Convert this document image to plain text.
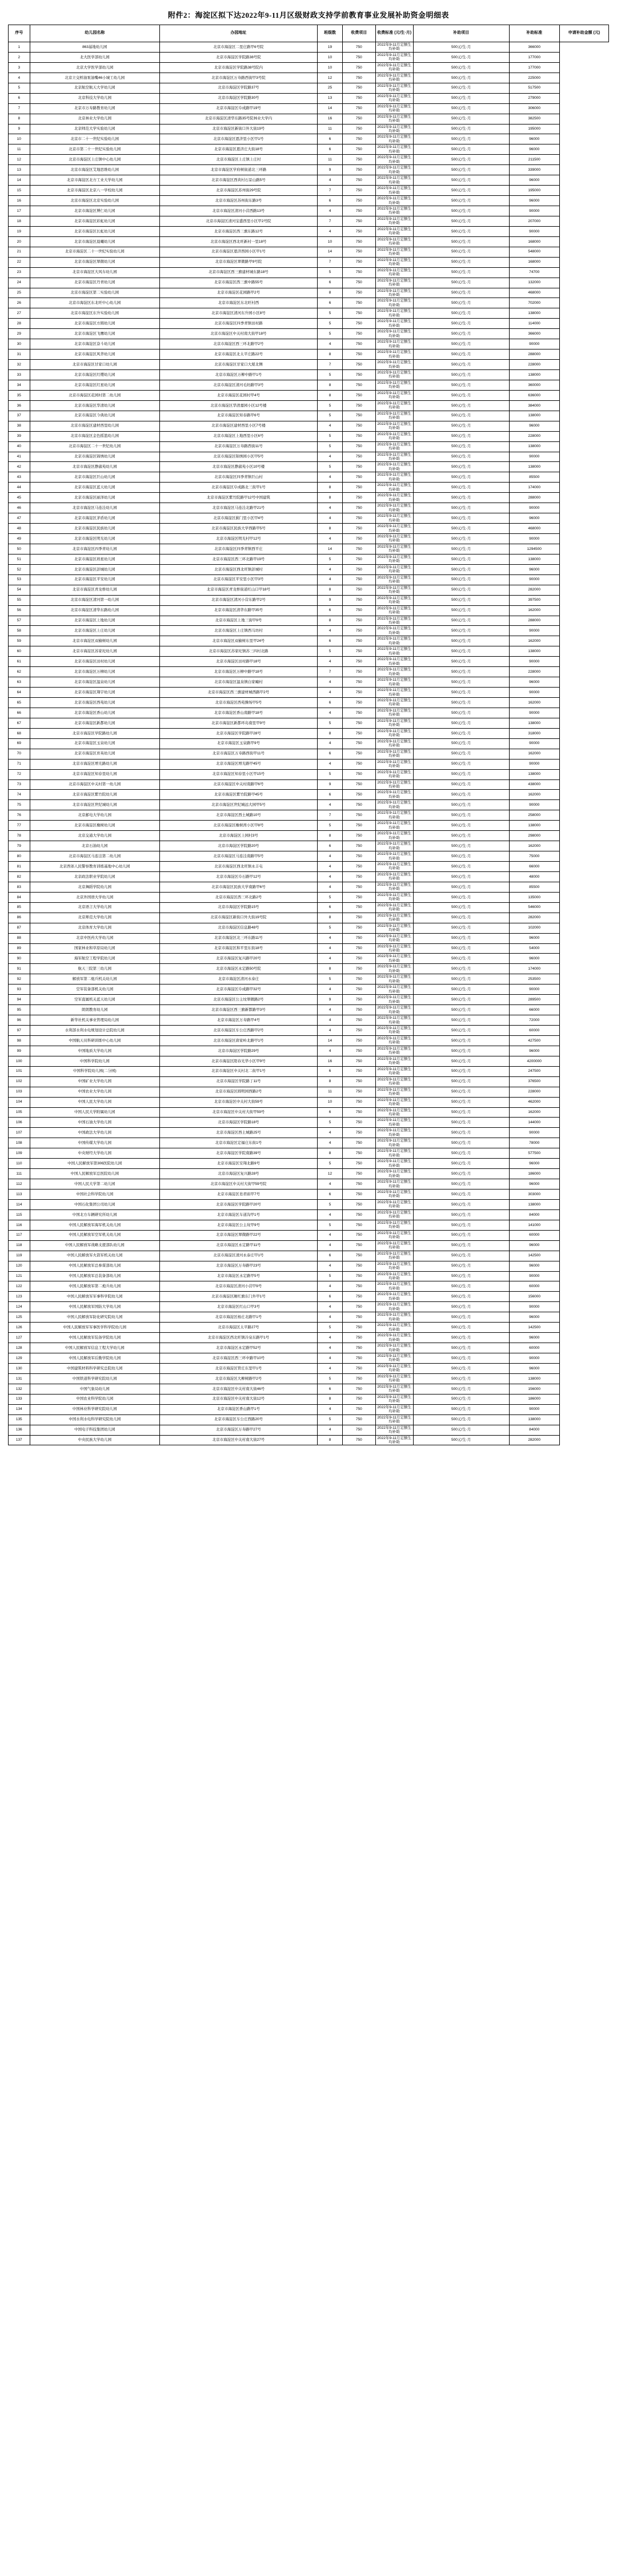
附件2：海淀区拟下达2022年9-11月区级财政支持学前教育事业发展补助资金明细表
序号	幼儿园名称	办园地址	班级数	收费项目	收费标准 (元/生·月)	补助项目	补助标准	申请补助金额 (元)
1	863基地幼儿园	北京市海淀区二里庄路甲6号院	19	750	2022年9-11月定额生均补助	500元/生·月	366000	
2	北大医学部幼儿园	北京市海淀区学院路38号院	10	750	2022年9-11月定额生均补助	500元/生·月	177000	
3	北京大学医学部幼儿园	北京市海淀区学院路38号院内	10	750	2022年9-11月定额生均补助	500元/生·月	177000	
4	北京立交桥油泵油嘴46小城工幼儿园	北京市海淀区万寿路西街甲3号院	12	750	2022年9-11月定额生均补助	500元/生·月	225000	
5	北京航空航天大学幼儿园	北京市海淀区学院路37号	25	750	2022年9-11月定额生均补助	500元/生·月	517500	
6	北京科技大学幼儿园	北京市海淀区学院路30号	13	750	2022年9-11月定额生均补助	500元/生·月	279000	
7	北京市万寿路教育幼儿园	北京市海淀区阜成路甲19号	14	750	2022年9-11月定额生均补助	500元/生·月	306000	
8	北京林业大学幼儿园	北京市海淀区清华东路35号院林业大学内	16	750	2022年9-11月定额生均补助	500元/生·月	382500	
9	北京师范大学实验幼儿园	北京市海淀区新街口外大街19号	11	750	2022年9-11月定额生均补助	500元/生·月	195000	
10	北京市二十一世纪实验幼儿园	北京市海淀区恩济里小区甲1号	6	750	2022年9-11月定额生均补助	500元/生·月	96000	
11	北京市第二十一世纪实验幼儿园	北京市海淀区恩济庄大街18号	6	750	2022年9-11月定额生均补助	500元/生·月	96000	
12	北京市海淀区上庄镇中心幼儿园	北京市海淀区上庄镇上庄村	11	750	2022年9-11月定额生均补助	500元/生·月	211500	
13	北京市海淀区艾地思维幼儿园	北京市海淀区学府树街道北三环路	9	750	2022年9-11月定额生均补助	500元/生·月	339000	
14	北京市海淀区北方工业大学幼儿园	北京市海淀区西黄村石景山路5号	4	750	2022年9-11月定额生均补助	500元/生·月	96000	
15	北京市海淀区北京八一学校幼儿园	北京市海淀区苏州街29号院	7	750	2022年9-11月定额生均补助	500元/生·月	195000	
16	北京市海淀区北京实验幼儿园	北京市海淀区苏州街东路3号	6	750	2022年9-11月定额生均补助	500元/生·月	96000	
17	北京市海淀区博仁幼儿园	北京市海淀区清河小营西路13号	4	750	2022年9-11月定额生均补助	500元/生·月	90000	
18	北京市海淀区彩虹幼儿园	北京市海淀区清河宝盛西里小区甲2号院	7	750	2022年9-11月定额生均补助	500元/生·月	207000	
19	北京市海淀区长虹幼儿园	北京市海淀区西三旗东路12号	4	750	2022年9-11月定额生均补助	500元/生·月	90000	
20	北京市海淀区晨曦幼儿园	北京市海淀区西北旺新村一里18号	10	750	2022年9-11月定额生均补助	500元/生·月	168000	
21	北京市海淀区二十一世纪实验幼儿园	北京市海淀区恩济西园小区甲1号	14	750	2022年9-11月定额生均补助	500元/生·月	548000	
22	北京市海淀区翠微幼儿园	北京市海淀区翠微路甲9号院	7	750	2022年9-11月定额生均补助	500元/生·月	168000	
23	北京市海淀区大风车幼儿园	北京市海淀区西三旗建材城东路18号	5	750	2022年9-11月定额生均补助	500元/生·月	74700	
24	北京市海淀区丹青幼儿园	北京市海淀区西三旗中路55号	6	750	2022年9-11月定额生均补助	500元/生·月	132000	
25	北京市海淀区第二实验幼儿园	北京市海淀区花园路甲2号	8	750	2022年9-11月定额生均补助	500元/生·月	468000	
26	北京市海淀区东北旺中心幼儿园	北京市海淀区东北旺村西	6	750	2022年9-11月定额生均补助	500元/生·月	702000	
27	北京市海淀区东升实验幼儿园	北京市海淀区清河东升园小区8号	5	750	2022年9-11月定额生均补助	500元/生·月	138000	
28	北京市海淀区方圆幼儿园	北京市海淀区四季青镇田村路	5	750	2022年9-11月定额生均补助	500元/生·月	114000	
29	北京市海淀区飞鹰幼儿园	北京市海淀区中关村南大街甲18号	5	750	2022年9-11月定额生均补助	500元/生·月	366000	
30	北京市海淀区奋斗幼儿园	北京市海淀区西三环北路甲2号	4	750	2022年9-11月定额生均补助	500元/生·月	90000	
31	北京市海淀区风华幼儿园	北京市海淀区北太平庄路22号	8	750	2022年9-11月定额生均补助	500元/生·月	288000	
32	北京市海淀区甘家口幼儿园	北京市海淀区甘家口大厦北侧	7	750	2022年9-11月定额生均补助	500元/生·月	228000	
33	北京市海淀区红缨幼儿园	北京市海淀区万柳中路甲1号	5	750	2022年9-11月定额生均补助	500元/生·月	138000	
34	北京市海淀区红星幼儿园	北京市海淀区清河毛纺路甲3号	8	750	2022年9-11月定额生均补助	500元/生·月	360000	
35	北京市海淀区花园村第二幼儿园	北京市海淀区花园村甲4号	8	750	2022年9-11月定额生均补助	500元/生·月	636000	
36	北京市海淀区华清幼儿园	北京市海淀区华清嘉园小区12号楼	5	750	2022年9-11月定额生均补助	500元/生·月	384000	
37	北京市海淀区今典幼儿园	北京市海淀区知春路甲6号	5	750	2022年9-11月定额生均补助	500元/生·月	138000	
38	北京市海淀区建材西里幼儿园	北京市海淀区建材西里小区7号楼	4	750	2022年9-11月定额生均补助	500元/生·月	96000	
39	北京市海淀区金色摇篮幼儿园	北京市海淀区上地西里小区6号	5	750	2022年9-11月定额生均补助	500元/生·月	228000	
40	北京市海淀区二十一世纪幼儿园	北京市海淀区万寿路西街11号	5	750	2022年9-11月定额生均补助	500元/生·月	138000	
41	北京市海淀区锦绣幼儿园	北京市海淀区锦绣园小区甲5号	4	750	2022年9-11月定额生均补助	500元/生·月	90000	
42	北京市海淀区静淑苑幼儿园	北京市海淀区静淑苑小区10号楼	5	750	2022年9-11月定额生均补助	500元/生·月	138000	
43	北京市海淀区巨山幼儿园	北京市海淀区四季青镇巨山村	4	750	2022年9-11月定额生均补助	500元/生·月	85500	
44	北京市海淀区蓝天幼儿园	北京市海淀区阜成路北三街甲1号	8	750	2022年9-11月定额生均补助	500元/生·月	174000	
45	北京市海淀区丽泽幼儿园	北京市海淀区紫竹院路甲12号中国建筑	8	750	2022年9-11月定额生均补助	500元/生·月	288000	
46	北京市海淀区马连洼幼儿园	北京市海淀区马连洼北路甲21号	4	750	2022年9-11月定额生均补助	500元/生·月	90000	
47	北京市海淀区茅盾幼儿园	北京市海淀区蓟门里小区甲4号	4	750	2022年9-11月定额生均补助	500元/生·月	96000	
48	北京市海淀区民族幼儿园	北京市海淀区民族大学西路甲5号	8	750	2022年9-11月定额生均补助	500元/生·月	468000	
49	北京市海淀区明光幼儿园	北京市海淀区明光村甲12号	4	750	2022年9-11月定额生均补助	500元/生·月	90000	
50	北京市海淀区四季青幼儿园	北京市海淀区四季青镇西平庄	14	750	2022年9-11月定额生均补助	500元/生·月	1294500	
51	北京市海淀区培星幼儿园	北京市海淀区西三环北路甲19号	5	750	2022年9-11月定额生均补助	500元/生·月	138000	
52	北京市海淀区彭城幼儿园	北京市海淀区西北旺镇彭城村	4	750	2022年9-11月定额生均补助	500元/生·月	96000	
53	北京市海淀区平安幼儿园	北京市海淀区平安里小区甲3号	4	750	2022年9-11月定额生均补助	500元/生·月	90000	
54	北京市海淀区青龙桥幼儿园	北京市海淀区青龙桥街道红山口甲18号	8	750	2022年9-11月定额生均补助	500元/生·月	282000	
55	北京市海淀区清河第一幼儿园	北京市海淀区清河小营东路甲2号	9	750	2022年9-11月定额生均补助	500元/生·月	397500	
56	北京市海淀区清华东路幼儿园	北京市海淀区清华东路甲35号	6	750	2022年9-11月定额生均补助	500元/生·月	162000	
57	北京市海淀区上地幼儿园	北京市海淀区上地三街甲9号	8	750	2022年9-11月定额生均补助	500元/生·月	288000	
58	北京市海淀区上庄幼儿园	北京市海淀区上庄镇西马坊村	4	750	2022年9-11月定额生均补助	500元/生·月	90000	
59	北京市海淀区双榆树幼儿园	北京市海淀区双榆树东里甲24号	6	750	2022年9-11月定额生均补助	500元/生·月	162000	
60	北京市海淀区苏家坨幼儿园	北京市海淀区苏家坨镇苏三四村北路	5	750	2022年9-11月定额生均补助	500元/生·月	138000	
61	北京市海淀区田村幼儿园	北京市海淀区田村路甲18号	4	750	2022年9-11月定额生均补助	500元/生·月	90000	
62	北京市海淀区万柳幼儿园	北京市海淀区万柳中路甲18号	7	750	2022年9-11月定额生均补助	500元/生·月	228000	
63	北京市海淀区温泉幼儿园	北京市海淀区温泉镇白家疃村	4	750	2022年9-11月定额生均补助	500元/生·月	96000	
64	北京市海淀区翔宇幼儿园	北京市海淀区西三旗建材城西路甲2号	4	750	2022年9-11月定额生均补助	500元/生·月	90000	
65	北京市海淀区西苑幼儿园	北京市海淀区西苑操场甲5号	6	750	2022年9-11月定额生均补助	500元/生·月	162000	
66	北京市海淀区香山幼儿园	北京市海淀区香山南路甲18号	4	750	2022年9-11月定额生均补助	500元/生·月	90000	
67	北京市海淀区新都幼儿园	北京市海淀区新都环岛南里甲9号	5	750	2022年9-11月定额生均补助	500元/生·月	138000	
68	北京市海淀区学院路幼儿园	北京市海淀区学院路甲28号	8	750	2022年9-11月定额生均补助	500元/生·月	318000	
69	北京市海淀区玉泉幼儿园	北京市海淀区玉泉路甲9号	4	750	2022年9-11月定额生均补助	500元/生·月	90000	
70	北京市海淀区育英幼儿园	北京市海淀区万寿路西街甲11号	6	750	2022年9-11月定额生均补助	500元/生·月	162000	
71	北京市海淀区增光路幼儿园	北京市海淀区增光路甲45号	4	750	2022年9-11月定额生均补助	500元/生·月	90000	
72	北京市海淀区知春里幼儿园	北京市海淀区知春里小区甲15号	5	750	2022年9-11月定额生均补助	500元/生·月	138000	
73	北京市海淀区中关村第一幼儿园	北京市海淀区中关村南路甲6号	9	750	2022年9-11月定额生均补助	500元/生·月	438000	
74	北京市海淀区紫竹院幼儿园	北京市海淀区紫竹院路甲45号	6	750	2022年9-11月定额生均补助	500元/生·月	162000	
75	北京市海淀区世纪城幼儿园	北京市海淀区世纪城远大园甲5号	4	750	2022年9-11月定额生均补助	500元/生·月	90000	
76	北京邮电大学幼儿园	北京市海淀区西土城路10号	7	750	2022年9-11月定额生均补助	500元/生·月	258000	
77	北京市海淀区橡树幼儿园	北京市海淀区橡树湾小区甲8号	5	750	2022年9-11月定额生均补助	500元/生·月	138000	
78	北京交通大学幼儿园	北京市海淀区上园村3号	8	750	2022年9-11月定额生均补助	500元/生·月	298000	
79	北京石油幼儿园	北京市海淀区学院路20号	6	750	2022年9-11月定额生均补助	500元/生·月	162000	
80	北京市海淀区马连洼第二幼儿园	北京市海淀区马连洼南路甲5号	4	750	2022年9-11月定额生均补助	500元/生·月	75000	
81	北京西郊人民警察教育训练基地中心幼儿园	北京市海淀区西北旺镇永丰屯	4	750	2022年9-11月定额生均补助	500元/生·月	66000	
82	北京政法职业学院幼儿园	北京市海淀区阜石路甲12号	4	750	2022年9-11月定额生均补助	500元/生·月	48000	
83	北京舞蹈学院幼儿园	北京市海淀区民族大学南路甲6号	4	750	2022年9-11月定额生均补助	500元/生·月	85500	
84	北京外国语大学幼儿园	北京市海淀区西三环北路2号	5	750	2022年9-11月定额生均补助	500元/生·月	135000	
85	北京语言大学幼儿园	北京市海淀区学院路15号	6	750	2022年9-11月定额生均补助	500元/生·月	546000	
86	北京师范大学幼儿园	北京市海淀区新街口外大街19号院	8	750	2022年9-11月定额生均补助	500元/生·月	282000	
87	北京体育大学幼儿园	北京市海淀区信息路48号	5	750	2022年9-11月定额生均补助	500元/生·月	102000	
88	北京中医药大学幼儿园	北京市海淀区北三环东路11号	4	750	2022年9-11月定额生均补助	500元/生·月	96000	
89	国家林业和草原局幼儿园	北京市海淀区和平里东街18号	4	750	2022年9-11月定额生均补助	500元/生·月	54000	
90	海军航空工程学院幼儿园	北京市海淀区复兴路甲20号	4	750	2022年9-11月定额生均补助	500元/生·月	96000	
91	航天三院第三幼儿园	北京市海淀区永定路50号院	8	750	2022年9-11月定额生均补助	500元/生·月	174000	
92	解放军第二炮兵机关幼儿园	北京市海淀区清河永泰庄	5	750	2022年9-11月定额生均补助	500元/生·月	253500	
93	空军装备部机关幼儿园	北京市海淀区阜成路甲32号	4	750	2022年9-11月定额生均补助	500元/生·月	90000	
94	空军直属机关蓝天幼儿园	北京市海淀区公主坟翠微路2号	9	750	2022年9-11月定额生均补助	500元/生·月	289500	
95	朗朗教育幼儿园	北京市海淀区西三旗新都路甲3号	4	750	2022年9-11月定额生均补助	500元/生·月	66000	
96	新华社机关事业管理局幼儿园	北京市海淀区万寿路甲4号	4	750	2022年9-11月定额生均补助	500元/生·月	72000	
97	水利部水利水电规划设计总院幼儿园	北京市海淀区车公庄西路甲2号	4	750	2022年9-11月定额生均补助	500元/生·月	60000	
98	中国航天员科研训练中心幼儿园	北京市海淀区唐家岭北路甲1号	14	750	2022年9-11月定额生均补助	500元/生·月	427500	
99	中国地质大学幼儿园	北京市海淀区学院路29号	4	750	2022年9-11月定额生均补助	500元/生·月	96000	
100	中国科学院幼儿园	北京市海淀区阳春光华小区甲9号	16	750	2022年9-11月定额生均补助	500元/生·月	4200000	
101	中国科学院幼儿园(二分园)	北京市海淀区中关村北二街甲1号	6	750	2022年9-11月定额生均补助	500元/生·月	247500	
102	中国矿业大学幼儿园	北京市海淀区学院路丁11号	8	750	2022年9-11月定额生均补助	500元/生·月	376500	
103	中国农业大学幼儿园	北京市海淀区圆明园西路2号	11	750	2022年9-11月定额生均补助	500元/生·月	228000	
104	中国人民大学幼儿园	北京市海淀区中关村大街59号	10	750	2022年9-11月定额生均补助	500元/生·月	462000	
105	中国人民大学附属幼儿园	北京市海淀区中关村大街甲59号	6	750	2022年9-11月定额生均补助	500元/生·月	162000	
106	中国石油大学幼儿园	北京市海淀区学院路18号	5	750	2022年9-11月定额生均补助	500元/生·月	144000	
107	中国政法大学幼儿园	北京市海淀区西土城路25号	4	750	2022年9-11月定额生均补助	500元/生·月	90000	
108	中国传媒大学幼儿园	北京市海淀区定福庄东街1号	4	750	2022年9-11月定额生均补助	500元/生·月	78000	
109	中央财经大学幼儿园	北京市海淀区学院南路39号	8	750	2022年9-11月定额生均补助	500元/生·月	577500	
110	中国人民解放军第306医院幼儿园	北京市海淀区安翔北路9号	5	750	2022年9-11月定额生均补助	500元/生·月	96000	
111	中国人民解放军总医院幼儿园	北京市海淀区复兴路28号	12	750	2022年9-11月定额生均补助	500元/生·月	186000	
112	中国人民大学第二幼儿园	北京市海淀区中关村大街甲59号院	4	750	2022年9-11月定额生均补助	500元/生·月	96000	
113	中国社会科学院幼儿园	北京市海淀区皂君庙甲7号	6	750	2022年9-11月定额生均补助	500元/生·月	303000	
114	中国石化集团公司幼儿园	北京市海淀区学院路甲20号	5	750	2022年9-11月定额生均补助	500元/生·月	138000	
115	中国北方车辆研究所幼儿园	北京市海淀区车道沟甲1号	4	750	2022年9-11月定额生均补助	500元/生·月	84000	
116	中国人民解放军海军机关幼儿园	北京市海淀区公主坟甲9号	5	750	2022年9-11月定额生均补助	500元/生·月	141000	
117	中国人民解放军空军机关幼儿园	北京市海淀区翠微路甲22号	4	750	2022年9-11月定额生均补助	500元/生·月	60000	
118	中国人民解放军战略支援部队幼儿园	北京市海淀区永定路甲11号	4	750	2022年9-11月定额生均补助	500元/生·月	96000	
119	中国人民解放军火箭军机关幼儿园	北京市海淀区清河永泰庄甲1号	6	750	2022年9-11月定额生均补助	500元/生·月	142500	
120	中国人民解放军总参谋部幼儿园	北京市海淀区万寿路甲23号	4	750	2022年9-11月定额生均补助	500元/生·月	96000	
121	中国人民解放军总装备部幼儿园	北京市海淀区永定路甲5号	5	750	2022年9-11月定额生均补助	500元/生·月	90000	
122	中国人民解放军第二炮兵幼儿园	北京市海淀区清河小营甲9号	4	750	2022年9-11月定额生均补助	500元/生·月	60000	
123	中国人民解放军军事科学院幼儿园	北京市海淀区厢红旗东门外甲1号	6	750	2022年9-11月定额生均补助	500元/生·月	156000	
124	中国人民解放军国防大学幼儿园	北京市海淀区红山口甲3号	4	750	2022年9-11月定额生均补助	500元/生·月	90000	
125	中国人民解放军防化研究院幼儿园	北京市海淀区杨庄北路甲1号	4	750	2022年9-11月定额生均补助	500元/生·月	96000	
126	中国人民解放军军事医学科学院幼儿园	北京市海淀区太平路27号	5	750	2022年9-11月定额生均补助	500元/生·月	142500	
127	中国人民解放军装备学院幼儿园	北京市海淀区西北旺镇冷泉东路甲1号	4	750	2022年9-11月定额生均补助	500元/生·月	96000	
128	中国人民解放军信息工程大学幼儿园	北京市海淀区永定路甲52号	4	750	2022年9-11月定额生均补助	500元/生·月	60000	
129	中国人民解放军后勤学院幼儿园	北京市海淀区西三环中路甲10号	4	750	2022年9-11月定额生均补助	500元/生·月	90000	
130	中国建筑材料科学研究总院幼儿园	北京市海淀区管庄东里甲1号	4	750	2022年9-11月定额生均补助	500元/生·月	96000	
131	中国铁道科学研究院幼儿园	北京市海淀区大柳树路甲2号	5	750	2022年9-11月定额生均补助	500元/生·月	138000	
132	中国气象局幼儿园	北京市海淀区中关村南大街46号	6	750	2022年9-11月定额生均补助	500元/生·月	156000	
133	中国农业科学院幼儿园	北京市海淀区中关村南大街12号	8	750	2022年9-11月定额生均补助	500元/生·月	186000	
134	中国林业科学研究院幼儿园	北京市海淀区香山路甲1号	4	750	2022年9-11月定额生均补助	500元/生·月	90000	
135	中国水利水电科学研究院幼儿园	北京市海淀区车公庄西路20号	5	750	2022年9-11月定额生均补助	500元/生·月	138000	
136	中国电子科技集团幼儿园	北京市海淀区万寿路甲27号	4	750	2022年9-11月定额生均补助	500元/生·月	84000	
137	中央民族大学幼儿园	北京市海淀区中关村南大街27号	8	750	2022年9-11月定额生均补助	500元/生·月	282000	
